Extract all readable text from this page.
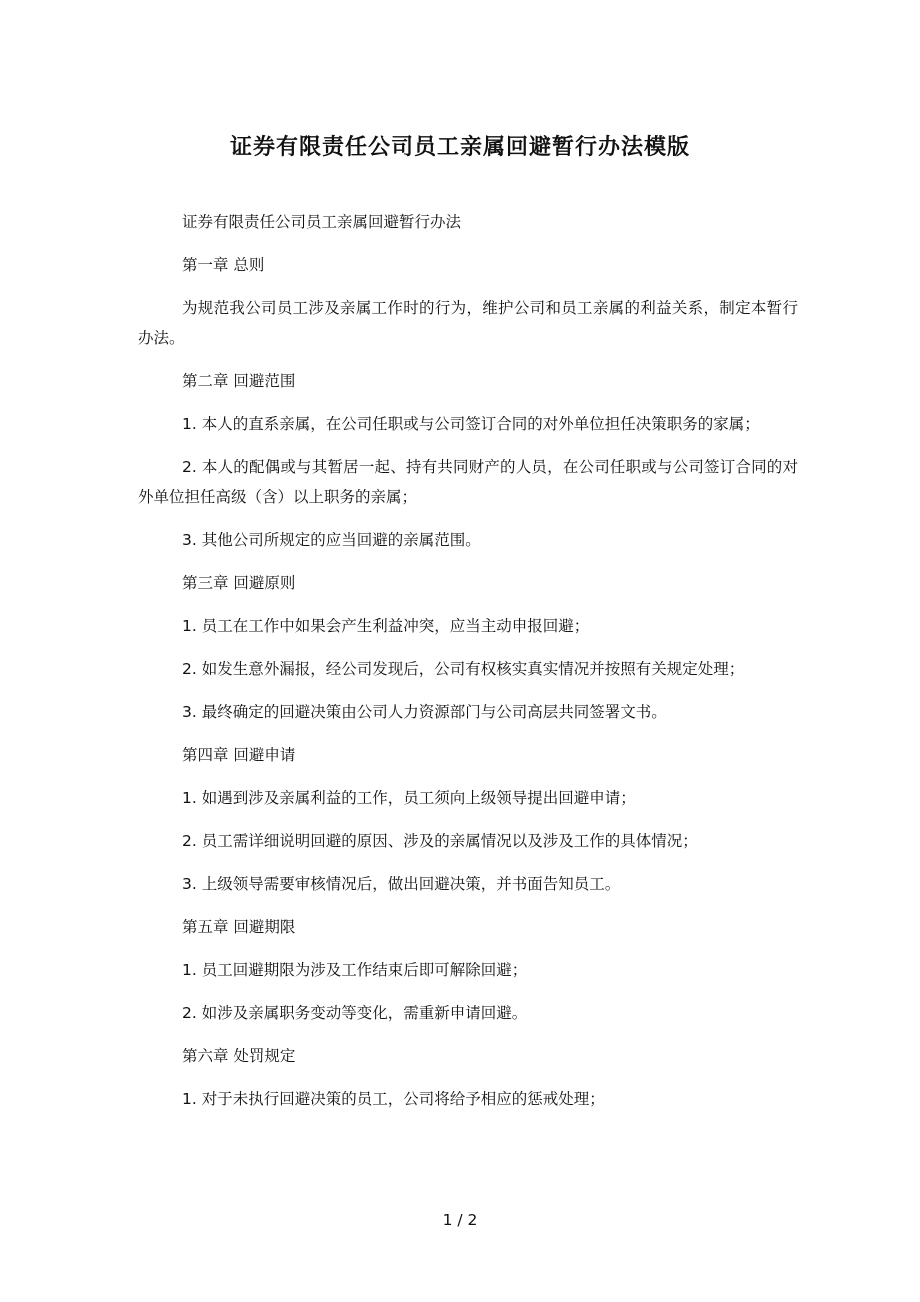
证券有限责任公司员工亲属回避暂行办法模版

证券有限责任公司员工亲属回避暂行办法

第一章 总则

为规范我公司员工涉及亲属工作时的行为，维护公司和员工亲属的利益关系，制定本暂行办法。

第二章 回避范围

1. 本人的直系亲属，在公司任职或与公司签订合同的对外单位担任决策职务的家属；

2. 本人的配偶或与其暂居一起、持有共同财产的人员，在公司任职或与公司签订合同的对外单位担任高级（含）以上职务的亲属；

3. 其他公司所规定的应当回避的亲属范围。

第三章 回避原则

1. 员工在工作中如果会产生利益冲突，应当主动申报回避；

2. 如发生意外漏报，经公司发现后，公司有权核实真实情况并按照有关规定处理；

3. 最终确定的回避决策由公司人力资源部门与公司高层共同签署文书。

第四章 回避申请

1. 如遇到涉及亲属利益的工作，员工须向上级领导提出回避申请；

2. 员工需详细说明回避的原因、涉及的亲属情况以及涉及工作的具体情况；

3. 上级领导需要审核情况后，做出回避决策，并书面告知员工。

第五章 回避期限

1. 员工回避期限为涉及工作结束后即可解除回避；

2. 如涉及亲属职务变动等变化，需重新申请回避。

第六章 处罚规定

1. 对于未执行回避决策的员工，公司将给予相应的惩戒处理；

1 / 2
